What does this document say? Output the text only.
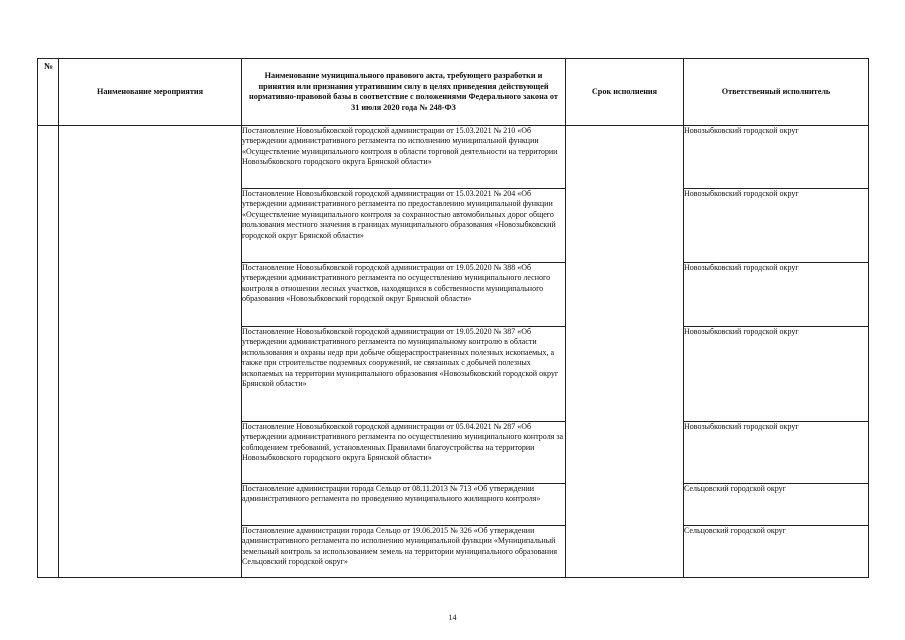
№	Наименование мероприятия	Наименование муниципального правового акта, требующего разработки и принятия или признания утратившим силу в целях приведения действующей нормативно-правовой базы в соответствие с положениями Федерального закона от 31 июля 2020 года № 248-ФЗ	Срок исполнения	Ответственный исполнитель
		Постановление Новозыбковской городской администрации от 15.03.2021 № 210 «Об утверждении административного регламента по исполнению муниципальной функции «Осуществление муниципального контроля в области торговой деятельности на территории Новозыбковского городского округа Брянской области»		Новозыбковский городской округ
		Постановление Новозыбковской городской администрации от 15.03.2021 № 204 «Об утверждении административного регламента по предоставлению муниципальной функции «Осуществление муниципального контроля за сохранностью автомобильных дорог общего пользования местного значения в границах муниципального образования «Новозыбковский городской округ Брянской области»		Новозыбковский городской округ
		Постановление Новозыбковской городской администрации от 19.05.2020 № 388 «Об утверждении административного регламента по осуществлению муниципального лесного контроля в отношении лесных участков, находящихся в собственности муниципального образования «Новозыбковский городской округ Брянской области»		Новозыбковский городской округ
		Постановление Новозыбковской городской администрации от 19.05.2020 № 387 «Об утверждении административного регламента по муниципальному контролю в области использования и охраны недр при добыче общераспространенных полезных ископаемых, а также при строительстве подземных сооружений, не связанных с добычей полезных ископаемых на территории муниципального образования «Новозыбковский городской округ Брянской области»		Новозыбковский городской округ
		Постановление Новозыбковской городской администрации от 05.04.2021 № 287 «Об утверждении административного регламента по осуществлению муниципального контроля за соблюдением требований, установленных Правилами благоустройства на территории Новозыбковского городского округа Брянской области»		Новозыбковский городской округ
		Постановление администрации города Сельцо от 08.11.2013 № 713 «Об утверждении административного регламента по проведению муниципального жилищного контроля»		Сельцовский городской округ
		Постановление администрации города Сельцо от 19.06.2015 № 326 «Об утверждении административного регламента по исполнению муниципальной функции «Муниципальный земельный контроль за использованием земель на территории муниципального образования Сельцовский городской округ»		Сельцовский городской округ
14
